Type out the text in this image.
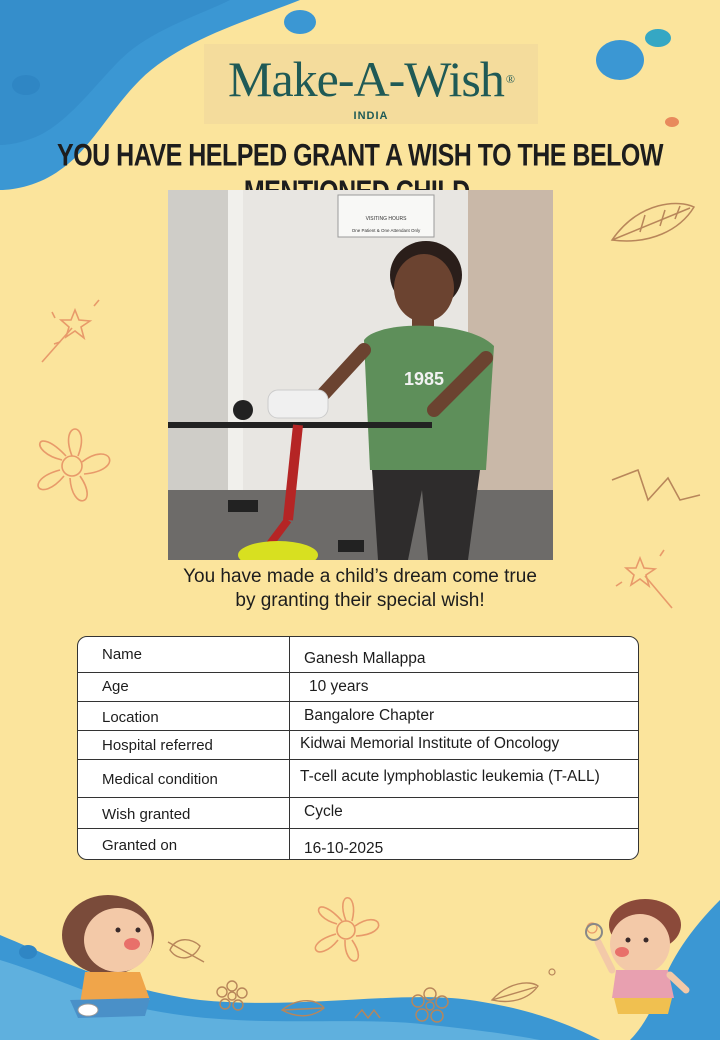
Make-A-Wish ®
INDIA
YOU HAVE HELPED GRANT A WISH TO THE BELOW
VISITING HOURS
One Patient & One Attendant Only
1985
You have made a child’s dream come true
by granting their special wish!
Name	Ganesh Mallappa
Age	10 years
Location	Bangalore Chapter
Hospital referred	Kidwai Memorial Institute of Oncology
Medical condition	T-cell acute lymphoblastic leukemia (T-ALL)
Wish granted	Cycle
Granted on	16-10-2025
